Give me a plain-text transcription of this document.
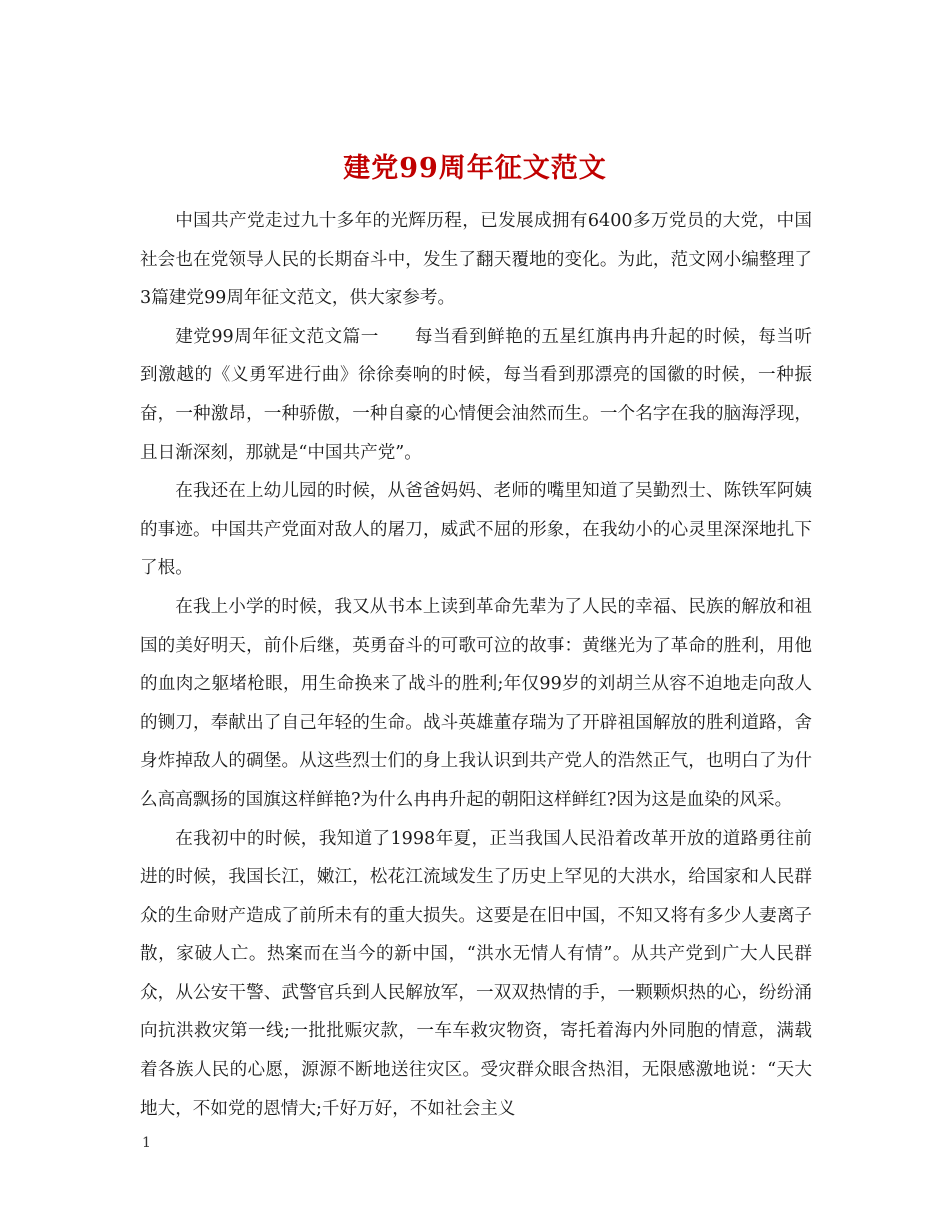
建党99周年征文范文

中国共产党走过九十多年的光辉历程，已发展成拥有6400多万党员的大党，中国社会也在党领导人民的长期奋斗中，发生了翻天覆地的变化。为此，范文网小编整理了3篇建党99周年征文范文，供大家参考。

建党99周年征文范文篇一　　每当看到鲜艳的五星红旗冉冉升起的时候，每当听到激越的《义勇军进行曲》徐徐奏响的时候，每当看到那漂亮的国徽的时候，一种振奋，一种激昂，一种骄傲，一种自豪的心情便会油然而生。一个名字在我的脑海浮现，且日渐深刻，那就是“中国共产党”。

在我还在上幼儿园的时候，从爸爸妈妈、老师的嘴里知道了吴勤烈士、陈铁军阿姨的事迹。中国共产党面对敌人的屠刀，威武不屈的形象，在我幼小的心灵里深深地扎下了根。

在我上小学的时候，我又从书本上读到革命先辈为了人民的幸福、民族的解放和祖国的美好明天，前仆后继，英勇奋斗的可歌可泣的故事：黄继光为了革命的胜利，用他的血肉之躯堵枪眼，用生命换来了战斗的胜利;年仅99岁的刘胡兰从容不迫地走向敌人的铡刀，奉献出了自己年轻的生命。战斗英雄董存瑞为了开辟祖国解放的胜利道路，舍身炸掉敌人的碉堡。从这些烈士们的身上我认识到共产党人的浩然正气，也明白了为什么高高飘扬的国旗这样鲜艳?为什么冉冉升起的朝阳这样鲜红?因为这是血染的风采。

在我初中的时候，我知道了1998年夏，正当我国人民沿着改革开放的道路勇往前进的时候，我国长江，嫩江，松花江流域发生了历史上罕见的大洪水，给国家和人民群众的生命财产造成了前所未有的重大损失。这要是在旧中国，不知又将有多少人妻离子散，家破人亡。热案而在当今的新中国，“洪水无情人有情”。从共产党到广大人民群众，从公安干警、武警官兵到人民解放军，一双双热情的手，一颗颗炽热的心，纷纷涌向抗洪救灾第一线;一批批赈灾款，一车车救灾物资，寄托着海内外同胞的情意，满载着各族人民的心愿，源源不断地送往灾区。受灾群众眼含热泪，无限感激地说：“天大地大，不如党的恩情大;千好万好，不如社会主义

1
